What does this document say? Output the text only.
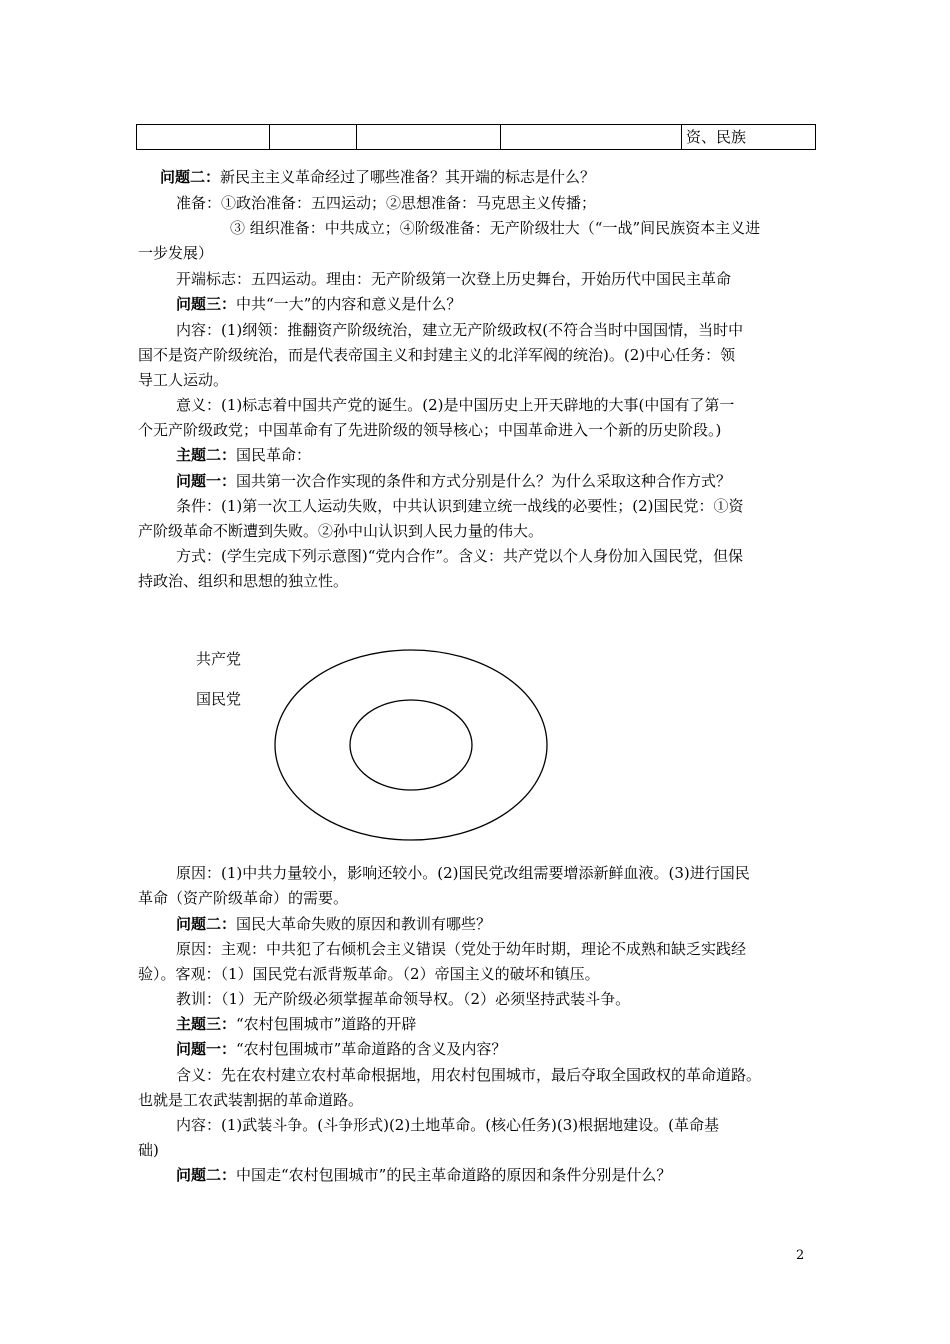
				资、民族
问题二：新民主主义革命经过了哪些准备？其开端的标志是什么？
准备：①政治准备：五四运动；②思想准备：马克思主义传播；
③ 组织准备：中共成立；④阶级准备：无产阶级壮大（“一战”间民族资本主义进
一步发展）
开端标志：五四运动。理由：无产阶级第一次登上历史舞台，开始历代中国民主革命
问题三：中共“一大”的内容和意义是什么？
内容：(1)纲领：推翻资产阶级统治，建立无产阶级政权(不符合当时中国国情，当时中
国不是资产阶级统治，而是代表帝国主义和封建主义的北洋军阀的统治)。(2)中心任务：领
导工人运动。
意义：(1)标志着中国共产党的诞生。(2)是中国历史上开天辟地的大事(中国有了第一
个无产阶级政党；中国革命有了先进阶级的领导核心；中国革命进入一个新的历史阶段。)
主题二：国民革命：
问题一：国共第一次合作实现的条件和方式分别是什么？为什么采取这种合作方式？
条件：(1)第一次工人运动失败，中共认识到建立统一战线的必要性；(2)国民党：①资
产阶级革命不断遭到失败。②孙中山认识到人民力量的伟大。
方式：(学生完成下列示意图)“党内合作”。含义：共产党以个人身份加入国民党，但保
持政治、组织和思想的独立性。
原因：(1)中共力量较小，影响还较小。(2)国民党改组需要增添新鲜血液。(3)进行国民
革命（资产阶级革命）的需要。
问题二：国民大革命失败的原因和教训有哪些？
原因：主观：中共犯了右倾机会主义错误（党处于幼年时期，理论不成熟和缺乏实践经
验）。客观：（1）国民党右派背叛革命。（2）帝国主义的破坏和镇压。
教训：（1）无产阶级必须掌握革命领导权。（2）必须坚持武装斗争。
主题三：“农村包围城市”道路的开辟
问题一：“农村包围城市”革命道路的含义及内容？
含义：先在农村建立农村革命根据地，用农村包围城市，最后夺取全国政权的革命道路。
也就是工农武装割据的革命道路。
内容：(1)武装斗争。(斗争形式)(2)土地革命。(核心任务)(3)根据地建设。(革命基
础)
问题二：中国走“农村包围城市”的民主革命道路的原因和条件分别是什么？
共产党
国民党
2
